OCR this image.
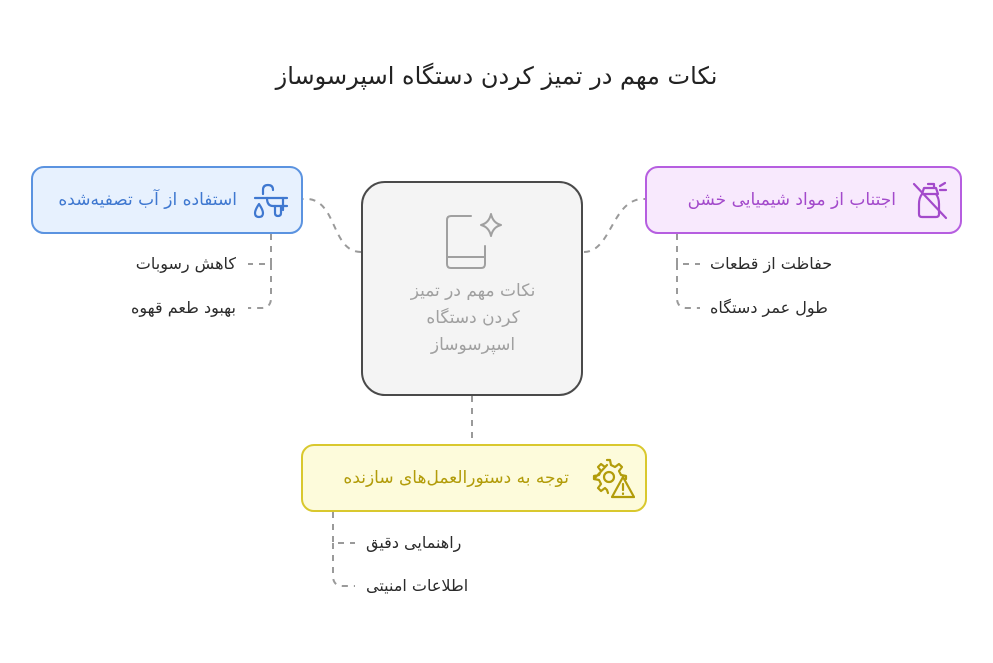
نکات مهم در تمیز کردن دستگاه اسپرسوساز
نکات مهم در تمیز
کردن دستگاه
اسپرسوساز
استفاده از آب تصفیه‌شده
کاهش رسوبات
بهبود طعم قهوه
اجتناب از مواد شیمیایی خشن
حفاظت از قطعات
طول عمر دستگاه
توجه به دستورالعمل‌های سازنده
راهنمایی دقیق
اطلاعات امنیتی
